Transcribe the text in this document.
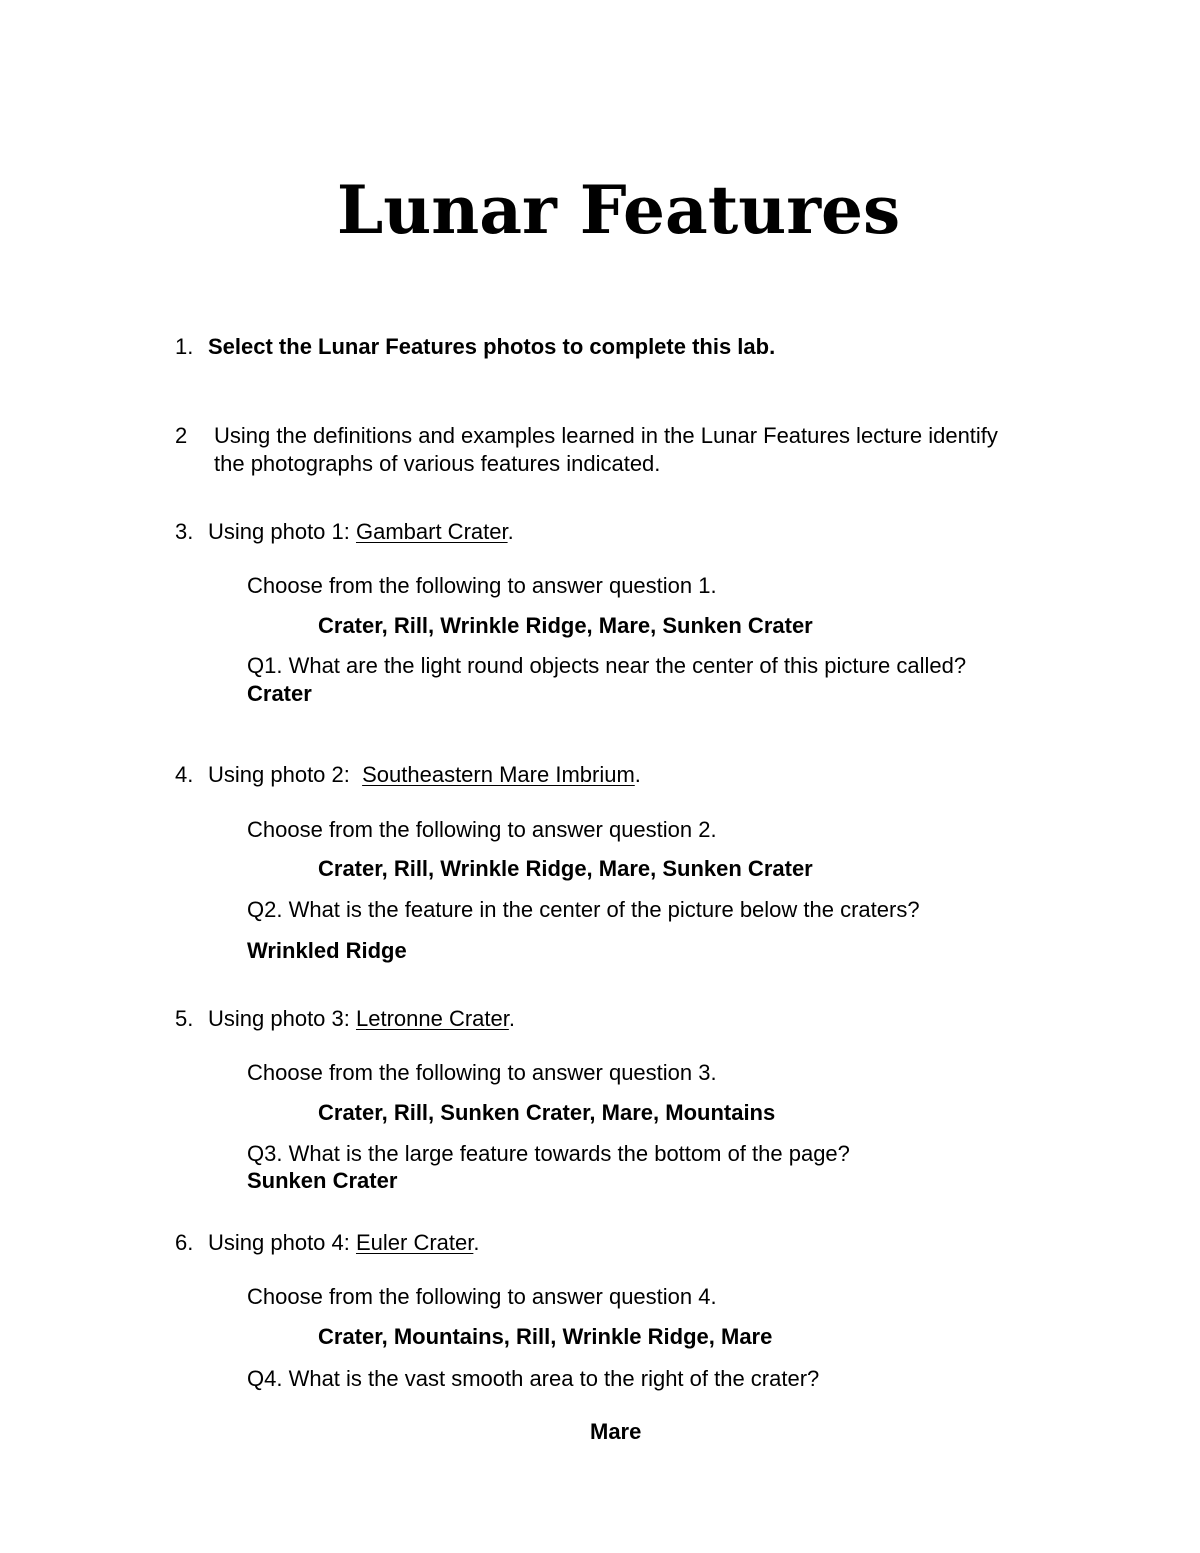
Lunar Features

1. Select the Lunar Features photos to complete this lab.

2 Using the definitions and examples learned in the Lunar Features lecture identify

the photographs of various features indicated.

3. Using photo 1: Gambart Crater.

Choose from the following to answer question 1.

Crater, Rill, Wrinkle Ridge, Mare, Sunken Crater

Q1. What are the light round objects near the center of this picture called?

Crater

4. Using photo 2:  Southeastern Mare Imbrium.

Choose from the following to answer question 2.

Crater, Rill, Wrinkle Ridge, Mare, Sunken Crater

Q2. What is the feature in the center of the picture below the craters?

Wrinkled Ridge

5. Using photo 3: Letronne Crater.

Choose from the following to answer question 3.

Crater, Rill, Sunken Crater, Mare, Mountains

Q3. What is the large feature towards the bottom of the page?

Sunken Crater

6. Using photo 4: Euler Crater.

Choose from the following to answer question 4.

Crater, Mountains, Rill, Wrinkle Ridge, Mare

Q4. What is the vast smooth area to the right of the crater?

Mare
